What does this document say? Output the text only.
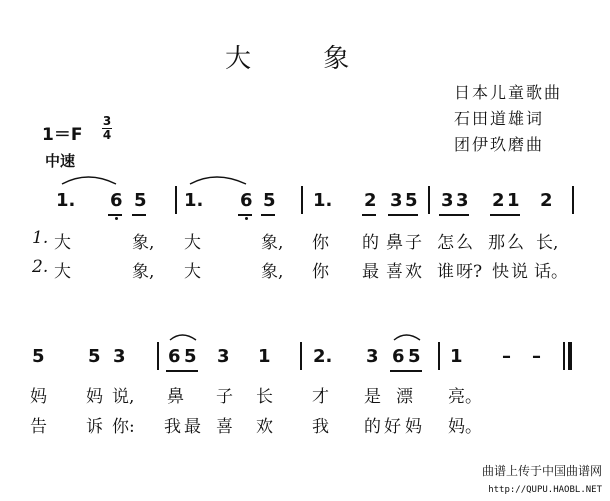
大 象
日本儿童歌曲
石田道雄词
团伊玖磨曲
1＝F
3
4
中速
1. 6 5 1. 6 5 1. 2 3 5 3 3 2 1 2
1. 大	象, 大	象, 你 的 鼻 子 怎 么 那 么 长,
2. 大	象, 大	象, 你 最 喜 欢 谁 呀? 快 说 话。
5 5 3 6 5 3 1 2. 3 6 5 1 – –
妈 妈 说, 鼻 子 长 才 是 漂 亮。
告 诉 你: 我 最 喜 欢 我 的 好 妈 妈。
曲谱上传于中国曲谱网
http://QUPU.HAOBL.NET
